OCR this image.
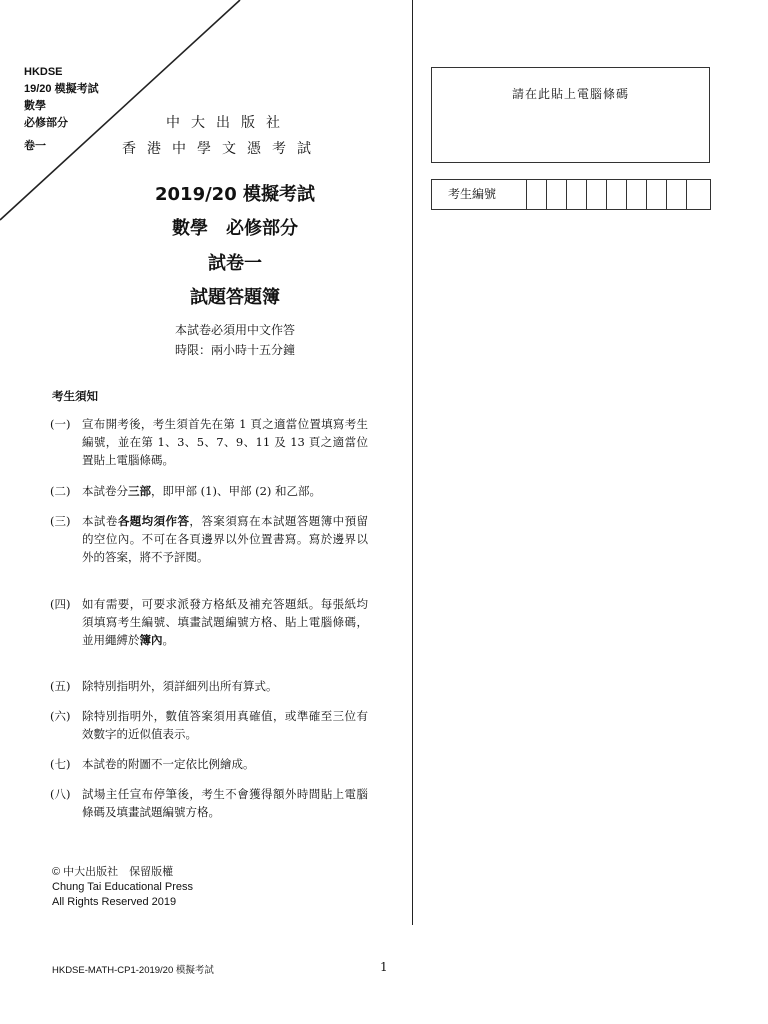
HKDSE
19/20 模擬考試
數學
必修部分
卷一
中大出版社
香港中學文憑考試
2019/20 模擬考試
數學　必修部分
試卷一
試題答題簿
本試卷必須用中文作答
時限：兩小時十五分鐘
考生須知
(一)	宣布開考後，考生須首先在第 1 頁之適當位置填寫考生編號，並在第 1、3、5、7、9、11 及 13 頁之適當位置貼上電腦條碼。
(二)	本試卷分三部，即甲部 (1)、甲部 (2) 和乙部。
(三)	本試卷各題均須作答，答案須寫在本試題答題簿中預留的空位內。不可在各頁邊界以外位置書寫。寫於邊界以外的答案，將不予評閱。
(四)	如有需要，可要求派發方格紙及補充答題紙。每張紙均須填寫考生編號、填畫試題編號方格、貼上電腦條碼，並用繩縛於簿內。
(五)	除特別指明外，須詳細列出所有算式。
(六)	除特別指明外，數值答案須用真確值，或準確至三位有效數字的近似值表示。
(七)	本試卷的附圖不一定依比例繪成。
(八)	試場主任宣布停筆後，考生不會獲得額外時間貼上電腦條碼及填畫試題編號方格。
© 中大出版社　保留版權
Chung Tai Educational Press
All Rights Reserved 2019
請在此貼上電腦條碼
考生編號
HKDSE-MATH-CP1-2019/20 模擬考試	1
